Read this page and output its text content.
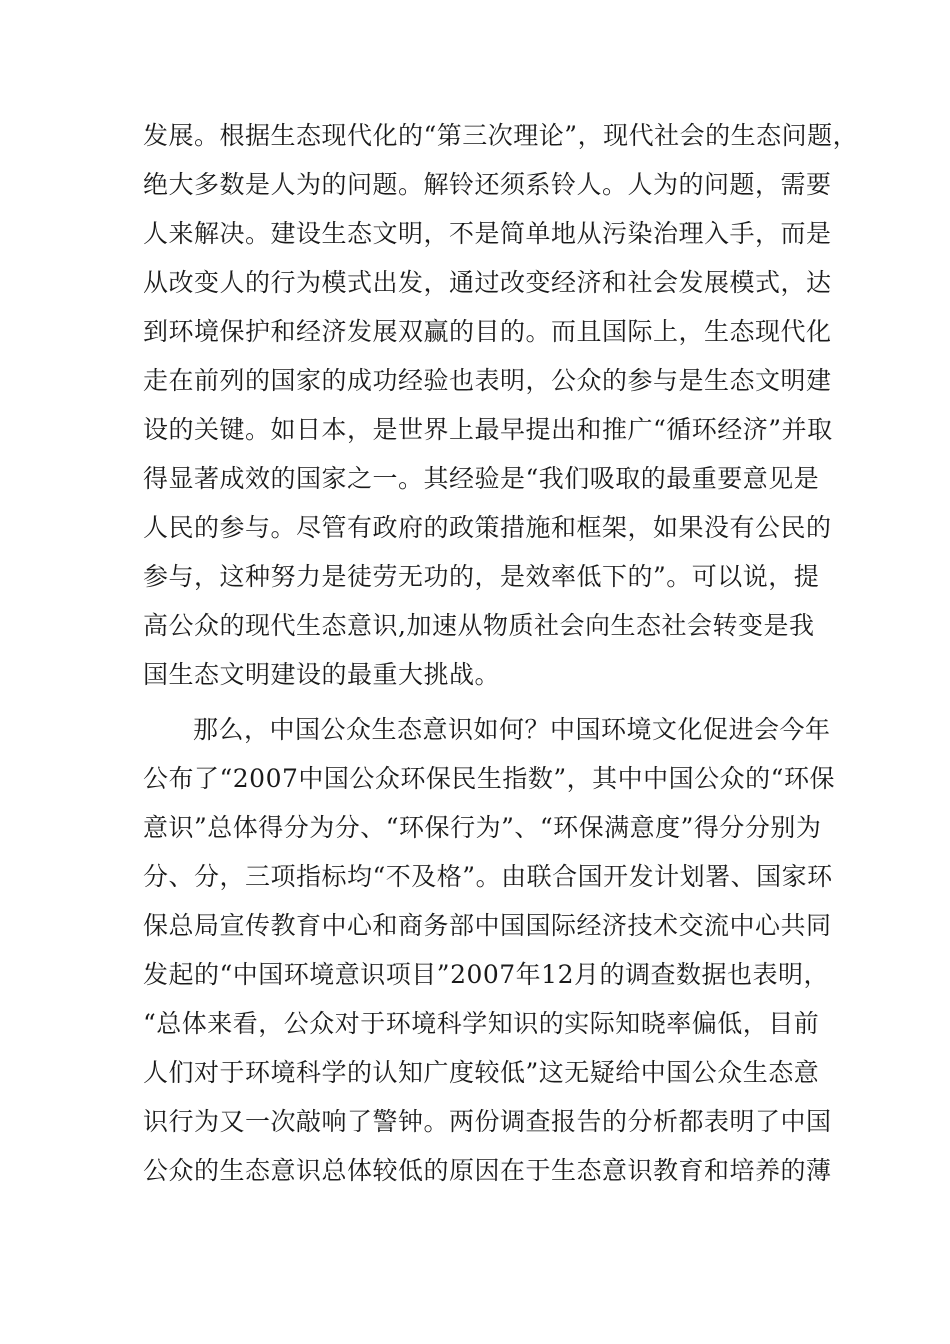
发展。根据生态现代化的“第三次理论”，现代社会的生态问题，
绝大多数是人为的问题。解铃还须系铃人。人为的问题，需要
人来解决。建设生态文明，不是简单地从污染治理入手，而是
从改变人的行为模式出发，通过改变经济和社会发展模式，达
到环境保护和经济发展双赢的目的。而且国际上，生态现代化
走在前列的国家的成功经验也表明，公众的参与是生态文明建
设的关键。如日本，是世界上最早提出和推广“循环经济”并取
得显著成效的国家之一。其经验是“我们吸取的最重要意见是
人民的参与。尽管有政府的政策措施和框架，如果没有公民的
参与，这种努力是徒劳无功的，是效率低下的”。可以说，提
高公众的现代生态意识,加速从物质社会向生态社会转变是我
国生态文明建设的最重大挑战。
那么，中国公众生态意识如何？中国环境文化促进会今年
公布了“2007中国公众环保民生指数”，其中中国公众的“环保
意识”总体得分为分、“环保行为”、“环保满意度”得分分别为
分、分，三项指标均“不及格”。由联合国开发计划署、国家环
保总局宣传教育中心和商务部中国国际经济技术交流中心共同
发起的“中国环境意识项目”2007年12月的调查数据也表明，
“总体来看，公众对于环境科学知识的实际知晓率偏低，目前
人们对于环境科学的认知广度较低”这无疑给中国公众生态意
识行为又一次敲响了警钟。两份调查报告的分析都表明了中国
公众的生态意识总体较低的原因在于生态意识教育和培养的薄
